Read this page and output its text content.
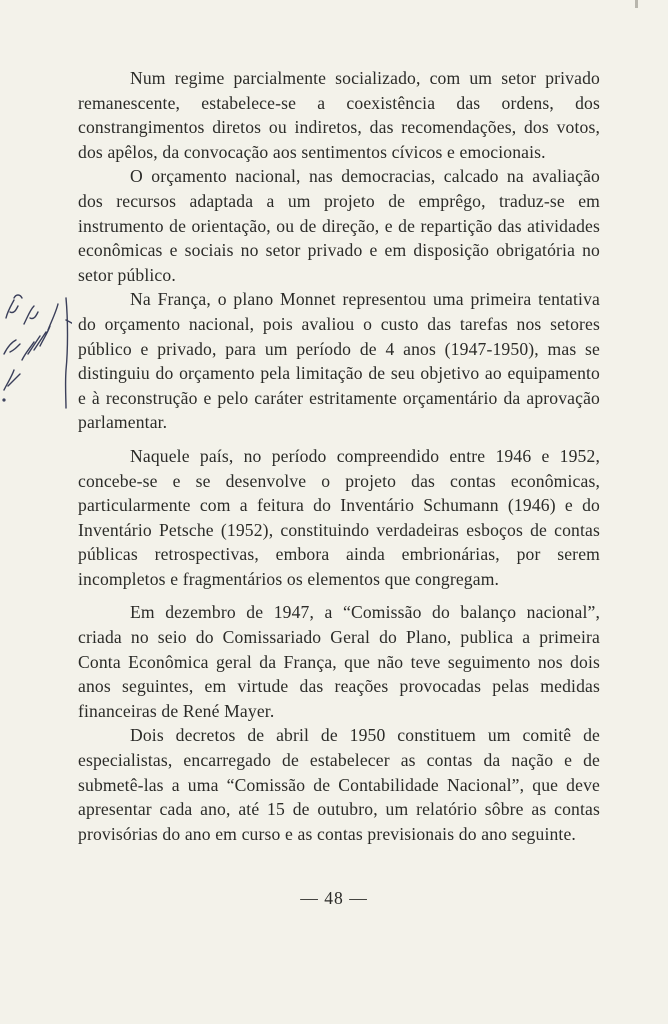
Num regime parcialmente socializado, com um setor privado remanescente, estabelece-se a coexistência das ordens, dos constrangimentos diretos ou indiretos, das recomendações, dos votos, dos apêlos, da convocação aos sentimentos cívicos e emocionais.

O orçamento nacional, nas democracias, calcado na avaliação dos recursos adaptada a um projeto de emprêgo, traduz-se em instrumento de orientação, ou de direção, e de repartição das atividades econômicas e sociais no setor privado e em disposição obrigatória no setor público.

Na França, o plano Monnet representou uma primeira tentativa do orçamento nacional, pois avaliou o custo das tarefas nos setores público e privado, para um período de 4 anos (1947-1950), mas se distinguiu do orçamento pela limitação de seu objetivo ao equipamento e à reconstrução e pelo caráter estritamente orçamentário da aprovação parlamentar.

Naquele país, no período compreendido entre 1946 e 1952, concebe-se e se desenvolve o projeto das contas econômicas, particularmente com a feitura do Inventário Schumann (1946) e do Inventário Petsche (1952), constituindo verdadeiras esboços de contas públicas retrospectivas, embora ainda embrionárias, por serem incompletos e fragmentários os elementos que congregam.

Em dezembro de 1947, a “Comissão do balanço nacional”, criada no seio do Comissariado Geral do Plano, publica a primeira Conta Econômica geral da França, que não teve seguimento nos dois anos seguintes, em virtude das reações provocadas pelas medidas financeiras de René Mayer.

Dois decretos de abril de 1950 constituem um comitê de especialistas, encarregado de estabelecer as contas da nação e de submetê-las a uma “Comissão de Contabilidade Nacional”, que deve apresentar cada ano, até 15 de outubro, um relatório sôbre as contas provisórias do ano em curso e as contas previsionais do ano seguinte.

— 48 —
